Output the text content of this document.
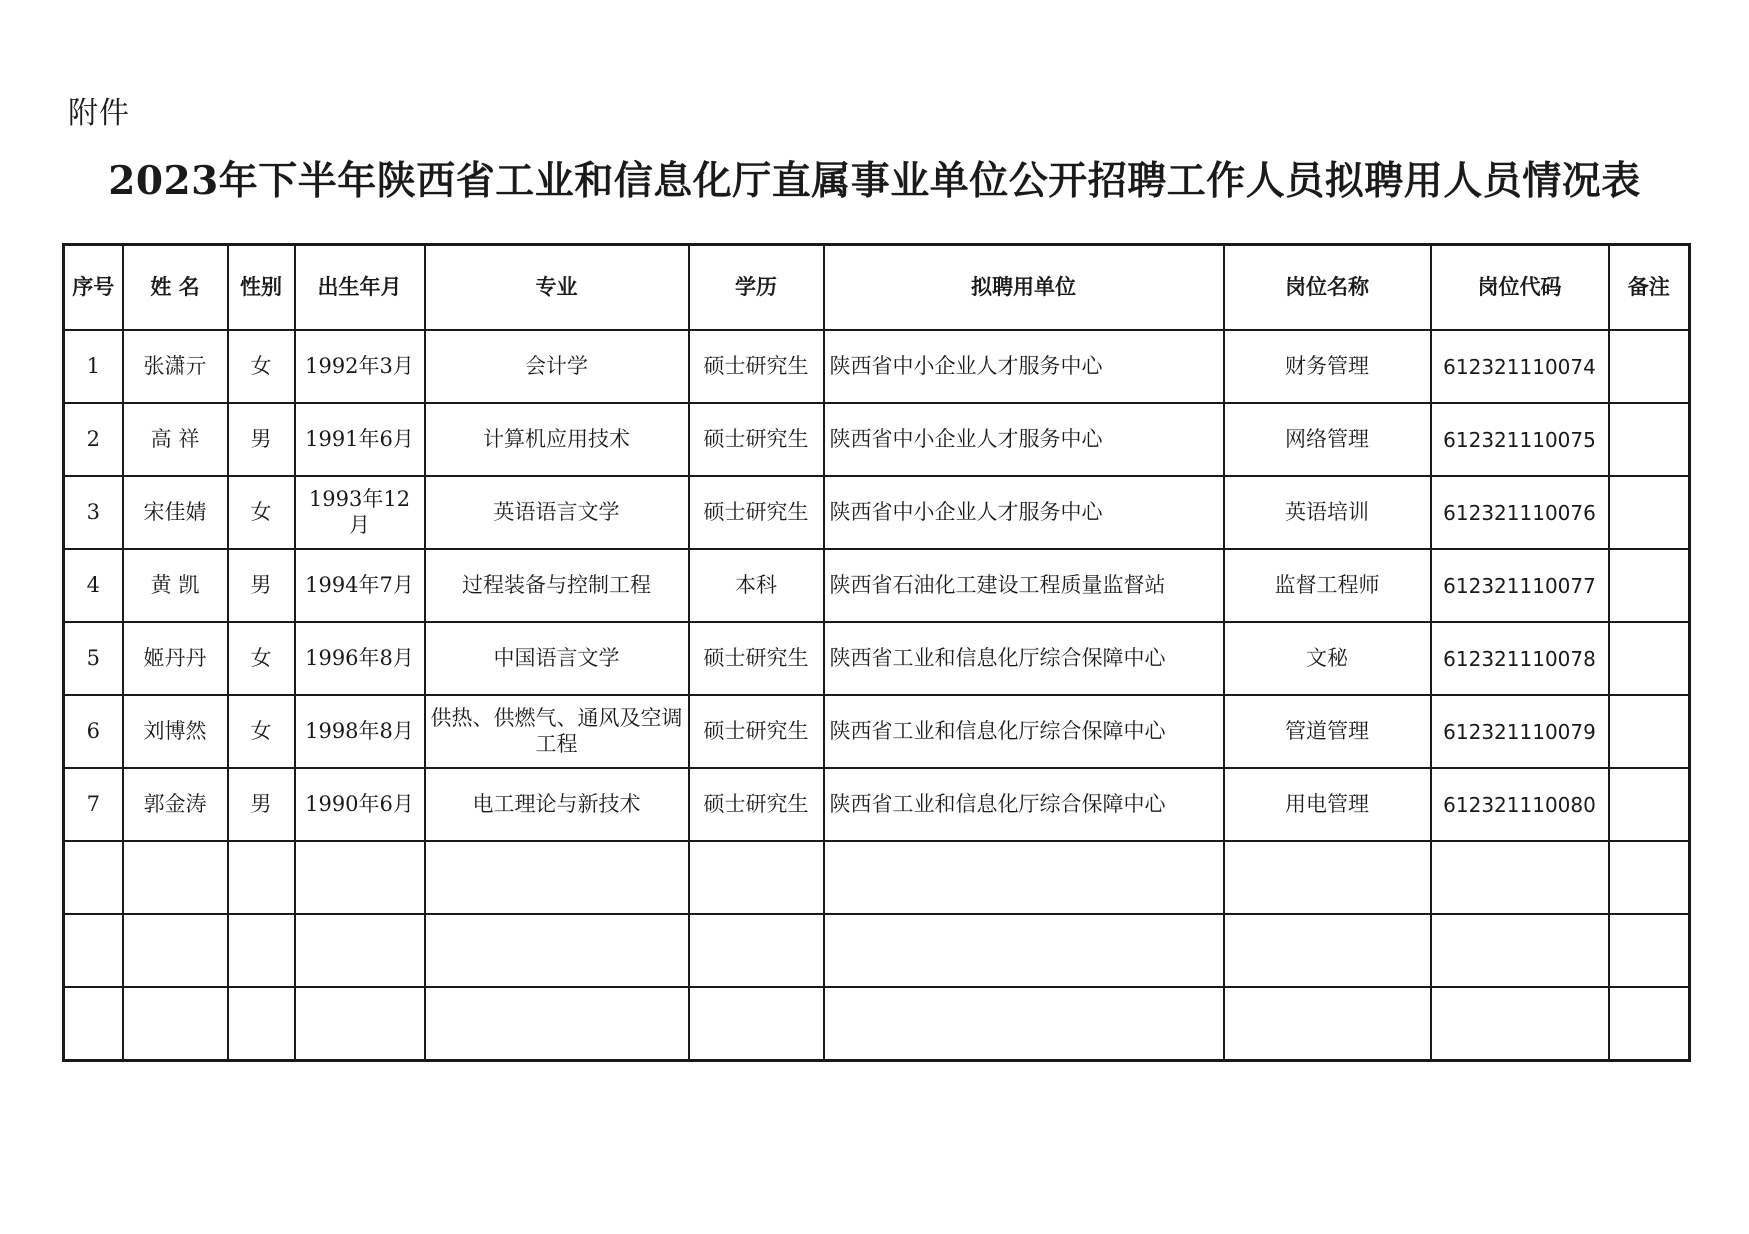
附件
2023年下半年陕西省工业和信息化厅直属事业单位公开招聘工作人员拟聘用人员情况表
序号	姓 名	性别	出生年月	专业	学历	拟聘用单位	岗位名称	岗位代码	备注
1	张潇亓	女	1992年3月	会计学	硕士研究生	陕西省中小企业人才服务中心	财务管理	612321110074	
2	高 祥	男	1991年6月	计算机应用技术	硕士研究生	陕西省中小企业人才服务中心	网络管理	612321110075	
3	宋佳婧	女	1993年12月	英语语言文学	硕士研究生	陕西省中小企业人才服务中心	英语培训	612321110076	
4	黄 凯	男	1994年7月	过程装备与控制工程	本科	陕西省石油化工建设工程质量监督站	监督工程师	612321110077	
5	姬丹丹	女	1996年8月	中国语言文学	硕士研究生	陕西省工业和信息化厅综合保障中心	文秘	612321110078	
6	刘博然	女	1998年8月	供热、供燃气、通风及空调工程	硕士研究生	陕西省工业和信息化厅综合保障中心	管道管理	612321110079	
7	郭金涛	男	1990年6月	电工理论与新技术	硕士研究生	陕西省工业和信息化厅综合保障中心	用电管理	612321110080	
